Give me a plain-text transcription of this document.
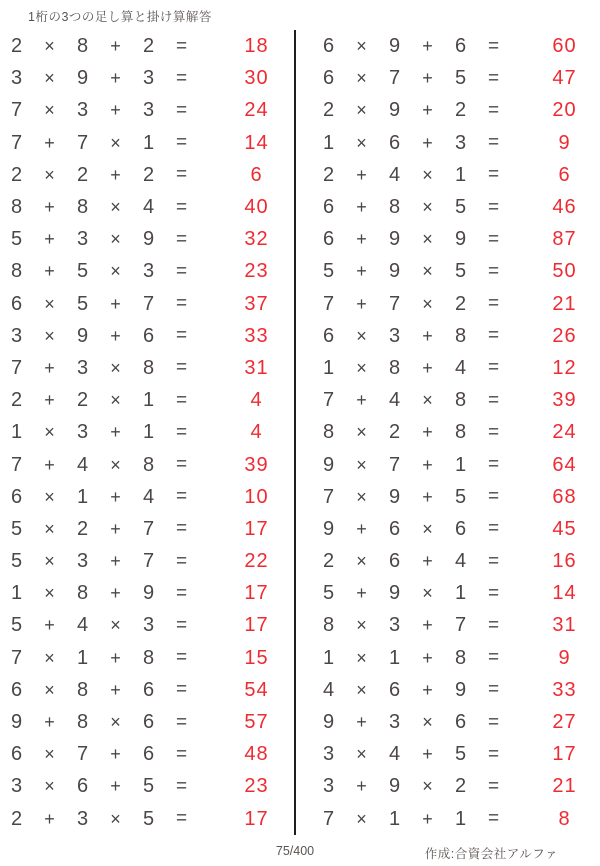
1桁の3つの足し算と掛け算解答
2	×	8	+	2	=	18
3	×	9	+	3	=	30
7	×	3	+	3	=	24
7	+	7	×	1	=	14
2	×	2	+	2	=	6
8	+	8	×	4	=	40
5	+	3	×	9	=	32
8	+	5	×	3	=	23
6	×	5	+	7	=	37
3	×	9	+	6	=	33
7	+	3	×	8	=	31
2	+	2	×	1	=	4
1	×	3	+	1	=	4
7	+	4	×	8	=	39
6	×	1	+	4	=	10
5	×	2	+	7	=	17
5	×	3	+	7	=	22
1	×	8	+	9	=	17
5	+	4	×	3	=	17
7	×	1	+	8	=	15
6	×	8	+	6	=	54
9	+	8	×	6	=	57
6	×	7	+	6	=	48
3	×	6	+	5	=	23
2	+	3	×	5	=	17
6	×	9	+	6	=	60
6	×	7	+	5	=	47
2	×	9	+	2	=	20
1	×	6	+	3	=	9
2	+	4	×	1	=	6
6	+	8	×	5	=	46
6	+	9	×	9	=	87
5	+	9	×	5	=	50
7	+	7	×	2	=	21
6	×	3	+	8	=	26
1	×	8	+	4	=	12
7	+	4	×	8	=	39
8	×	2	+	8	=	24
9	×	7	+	1	=	64
7	×	9	+	5	=	68
9	+	6	×	6	=	45
2	×	6	+	4	=	16
5	+	9	×	1	=	14
8	×	3	+	7	=	31
1	×	1	+	8	=	9
4	×	6	+	9	=	33
9	+	3	×	6	=	27
3	×	4	+	5	=	17
3	+	9	×	2	=	21
7	×	1	+	1	=	8
75/400	作成:合資会社アルファ
